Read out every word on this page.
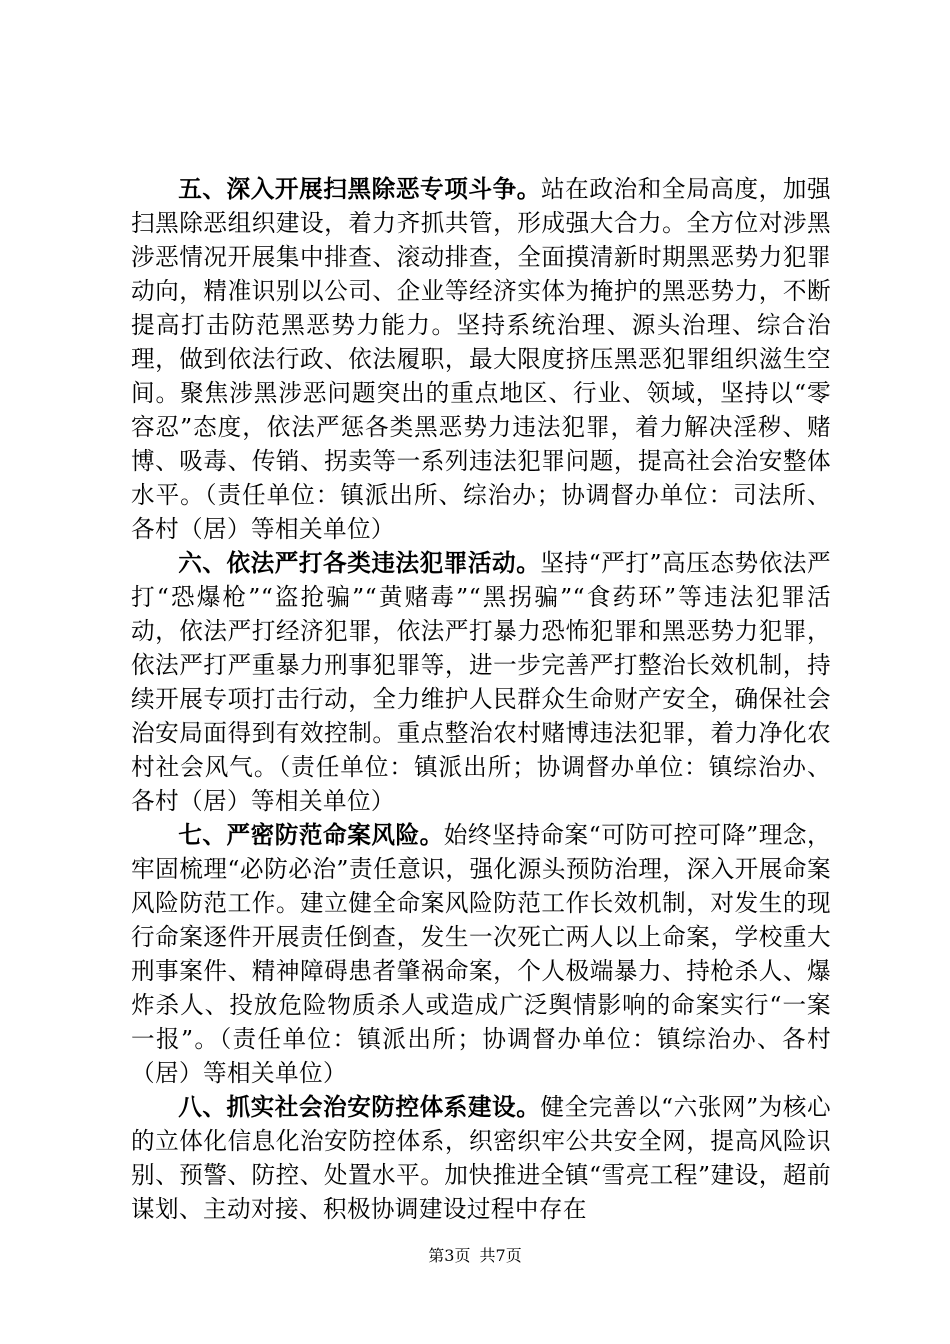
五、深入开展扫黑除恶专项斗争。站在政治和全局高度，加强扫黑除恶组织建设，着力齐抓共管，形成强大合力。全方位对涉黑涉恶情况开展集中排查、滚动排查，全面摸清新时期黑恶势力犯罪动向，精准识别以公司、企业等经济实体为掩护的黑恶势力，不断提高打击防范黑恶势力能力。坚持系统治理、源头治理、综合治理，做到依法行政、依法履职，最大限度挤压黑恶犯罪组织滋生空间。聚焦涉黑涉恶问题突出的重点地区、行业、领域，坚持以“零容忍”态度，依法严惩各类黑恶势力违法犯罪，着力解决淫秽、赌博、吸毒、传销、拐卖等一系列违法犯罪问题，提高社会治安整体水平。（责任单位：镇派出所、综治办；协调督办单位：司法所、各村（居）等相关单位）

六、依法严打各类违法犯罪活动。坚持“严打”高压态势依法严打“恐爆枪”“盗抢骗”“黄赌毒”“黑拐骗”“食药环”等违法犯罪活动，依法严打经济犯罪，依法严打暴力恐怖犯罪和黑恶势力犯罪，依法严打严重暴力刑事犯罪等，进一步完善严打整治长效机制，持续开展专项打击行动，全力维护人民群众生命财产安全，确保社会治安局面得到有效控制。重点整治农村赌博违法犯罪，着力净化农村社会风气。（责任单位：镇派出所；协调督办单位：镇综治办、各村（居）等相关单位）

七、严密防范命案风险。始终坚持命案“可防可控可降”理念，牢固梳理“必防必治”责任意识，强化源头预防治理，深入开展命案风险防范工作。建立健全命案风险防范工作长效机制，对发生的现行命案逐件开展责任倒查，发生一次死亡两人以上命案，学校重大刑事案件、精神障碍患者肇祸命案，个人极端暴力、持枪杀人、爆炸杀人、投放危险物质杀人或造成广泛舆情影响的命案实行“一案一报”。（责任单位：镇派出所；协调督办单位：镇综治办、各村（居）等相关单位）

八、抓实社会治安防控体系建设。健全完善以“六张网”为核心的立体化信息化治安防控体系，织密织牢公共安全网，提高风险识别、预警、防控、处置水平。加快推进全镇“雪亮工程”建设，超前谋划、主动对接、积极协调建设过程中存在

第3页 共7页
